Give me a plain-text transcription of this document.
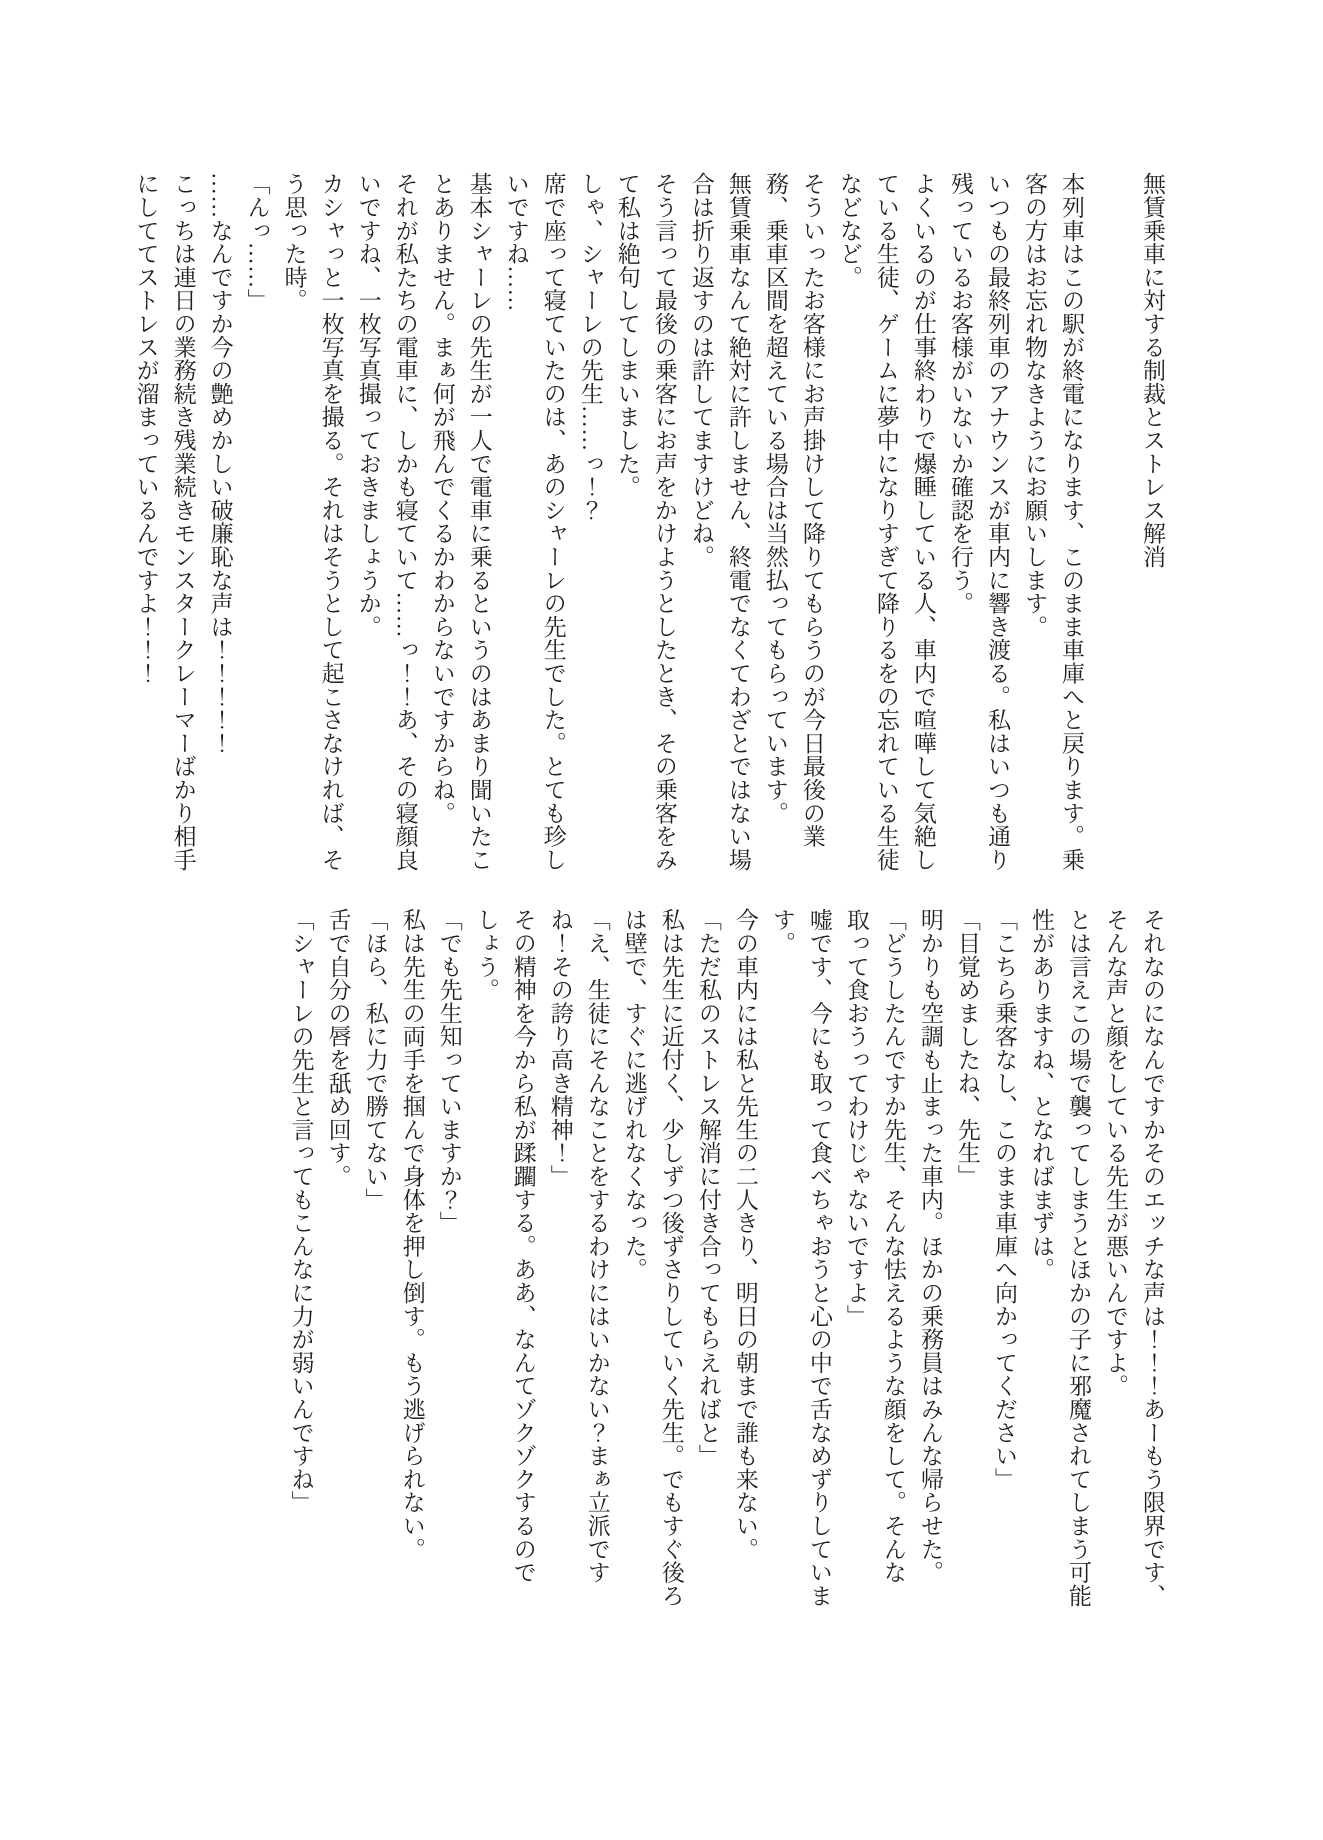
無賃乗車に対する制裁とストレス解消

本列車はこの駅が終電になります、このまま車庫へと戻ります。乗客の方はお忘れ物なきようにお願いします。

いつもの最終列車のアナウンスが車内に響き渡る。私はいつも通り残っているお客様がいないか確認を行う。

よくいるのが仕事終わりで爆睡している人、車内で喧嘩して気絶している生徒、ゲームに夢中になりすぎて降りるをの忘れている生徒などなど。

そういったお客様にお声掛けして降りてもらうのが今日最後の業務、乗車区間を超えている場合は当然払ってもらっています。

無賃乗車なんて絶対に許しません、終電でなくてわざとではない場合は折り返すのは許してますけどね。

そう言って最後の乗客にお声をかけようとしたとき、その乗客をみて私は絶句してしまいました。

しゃ、シャーレの先生……っ！？

席で座って寝ていたのは、あのシャーレの先生でした。とても珍しいですね……

基本シャーレの先生が一人で電車に乗るというのはあまり聞いたことありません。まぁ何が飛んでくるかわからないですからね。

それが私たちの電車に、しかも寝ていて……っ！！あ、その寝顔良いですね、一枚写真撮っておきましょうか。

カシャっと一枚写真を撮る。それはそうとして起こさなければ、そう思った時。

「んっ……」

……なんですか今の艶めかしい破廉恥な声は！！！！！

こっちは連日の業務続き残業続きモンスタークレーマーばかり相手にしててストレスが溜まっているんですよ！！！

それなのになんですかそのエッチな声は！！！あーもう限界です、そんな声と顔をしている先生が悪いんですよ。

とは言えこの場で襲ってしまうとほかの子に邪魔されてしまう可能性がありますね、となればまずは。

「こちら乗客なし、このまま車庫へ向かってください」

「目覚めましたね、先生」

明かりも空調も止まった車内。ほかの乗務員はみんな帰らせた。

「どうしたんですか先生、そんな怯えるような顔をして。そんな取って食おうってわけじゃないですよ」

嘘です、今にも取って食べちゃおうと心の中で舌なめずりしています。

今の車内には私と先生の二人きり、明日の朝まで誰も来ない。

「ただ私のストレス解消に付き合ってもらえればと」

私は先生に近付く、少しずつ後ずさりしていく先生。でもすぐ後ろは壁で、すぐに逃げれなくなった。

「え、生徒にそんなことをするわけにはいかない？まぁ立派ですね！その誇り高き精神！」

その精神を今から私が蹂躙する。ああ、なんてゾクゾクするのでしょう。

「でも先生知っていますか？」

私は先生の両手を掴んで身体を押し倒す。もう逃げられない。

「ほら、私に力で勝てない」

舌で自分の唇を舐め回す。

「シャーレの先生と言ってもこんなに力が弱いんですね」
